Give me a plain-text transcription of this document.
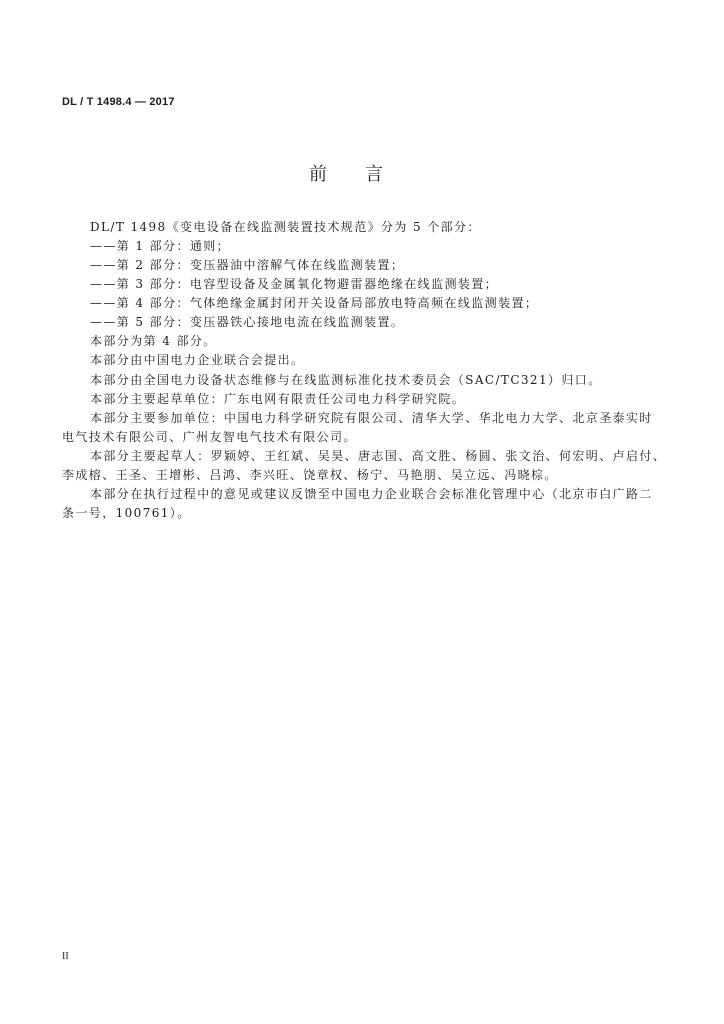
DL / T 1498.4 — 2017
前言
DL/T 1498《变电设备在线监测装置技术规范》分为 5 个部分：
——第 1 部分：通则；
——第 2 部分：变压器油中溶解气体在线监测装置；
——第 3 部分：电容型设备及金属氧化物避雷器绝缘在线监测装置；
——第 4 部分：气体绝缘金属封闭开关设备局部放电特高频在线监测装置；
——第 5 部分：变压器铁心接地电流在线监测装置。
本部分为第 4 部分。
本部分由中国电力企业联合会提出。
本部分由全国电力设备状态维修与在线监测标准化技术委员会（SAC/TC321）归口。
本部分主要起草单位：广东电网有限责任公司电力科学研究院。
本部分主要参加单位：中国电力科学研究院有限公司、清华大学、华北电力大学、北京圣泰实时
电气技术有限公司、广州友智电气技术有限公司。
本部分主要起草人：罗颖婷、王红斌、吴昊、唐志国、高文胜、杨圆、张文治、何宏明、卢启付、
李成榕、王圣、王增彬、吕鸿、李兴旺、饶章权、杨宁、马艳朋、吴立远、冯晓棕。
本部分在执行过程中的意见或建议反馈至中国电力企业联合会标准化管理中心（北京市白广路二
条一号，100761）。
II
